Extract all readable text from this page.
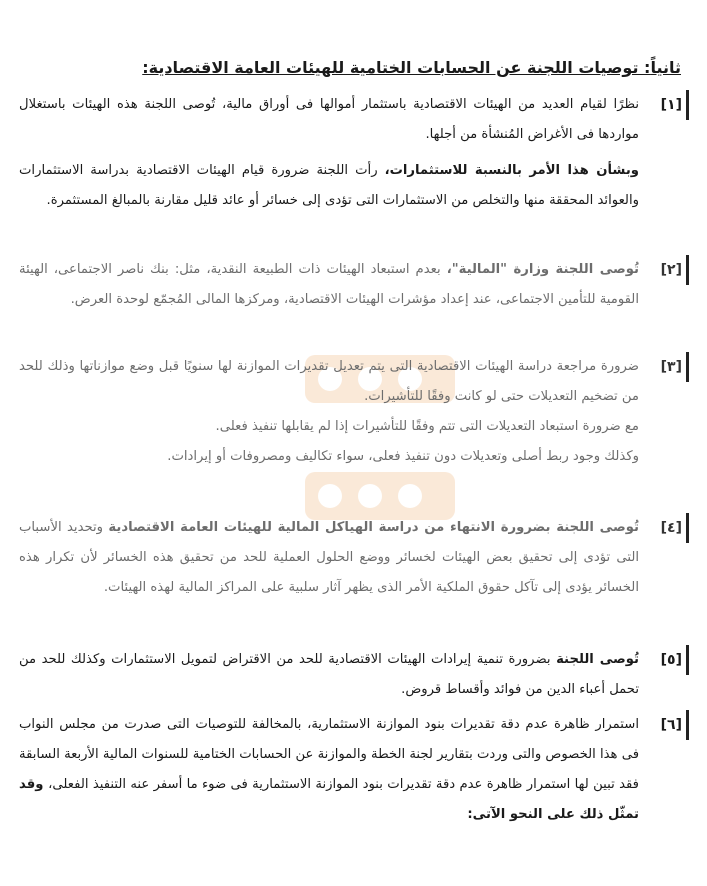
ثانياً: توصيات اللجنة عن الحسابات الختامية للهيئات العامة الاقتصادية:
[١]

نظرًا لقيام العديد من الهيئات الاقتصادية باستثمار أموالها فى أوراق مالية، تُوصى اللجنة هذه الهيئات باستغلال مواردها فى الأغراض المُنشأة من أجلها.

وبشأن هذا الأمر بالنسبة للاستثمارات، رأت اللجنة ضرورة قيام الهيئات الاقتصادية بدراسة الاستثمارات والعوائد المحققة منها والتخلص من الاستثمارات التى تؤدى إلى خسائر أو عائد قليل مقارنة بالمبالغ المستثمرة.

[٢]

تُوصى اللجنة وزارة "المالية"، بعدم استبعاد الهيئات ذات الطبيعة النقدية، مثل: بنك ناصر الاجتماعى، الهيئة القومية للتأمين الاجتماعى، عند إعداد مؤشرات الهيئات الاقتصادية، ومركزها المالى المُجمّع لوحدة العرض.

[٣]

ضرورة مراجعة دراسة الهيئات الاقتصادية التى يتم تعديل تقديرات الموازنة لها سنويًا قبل وضع موازناتها وذلك للحد من تضخيم التعديلات حتى لو كانت وفقًا للتأشيرات.

مع ضرورة استبعاد التعديلات التى تتم وفقًا للتأشيرات إذا لم يقابلها تنفيذ فعلى.

وكذلك وجود ربط أصلى وتعديلات دون تنفيذ فعلى، سواء تكاليف ومصروفات أو إيرادات.

[٤]

تُوصى اللجنة بضرورة الانتهاء من دراسة الهياكل المالية للهيئات العامة الاقتصادية وتحديد الأسباب التى تؤدى إلى تحقيق بعض الهيئات لخسائر ووضع الحلول العملية للحد من تحقيق هذه الخسائر لأن تكرار هذه الخسائر يؤدى إلى تآكل حقوق الملكية الأمر الذى يظهر آثار سلبية على المراكز المالية لهذه الهيئات.

[٥]

تُوصى اللجنة بضرورة تنمية إيرادات الهيئات الاقتصادية للحد من الاقتراض لتمويل الاستثمارات وكذلك للحد من تحمل أعباء الدين من فوائد وأقساط قروض.

[٦]

استمرار ظاهرة عدم دقة تقديرات بنود الموازنة الاستثمارية، بالمخالفة للتوصيات التى صدرت من مجلس النواب فى هذا الخصوص والتى وردت بتقارير لجنة الخطة والموازنة عن الحسابات الختامية للسنوات المالية الأربعة السابقة فقد تبين لها استمرار ظاهرة عدم دقة تقديرات بنود الموازنة الاستثمارية فى ضوء ما أسفر عنه التنفيذ الفعلى، وقد تمثّل ذلك على النحو الآتى:
